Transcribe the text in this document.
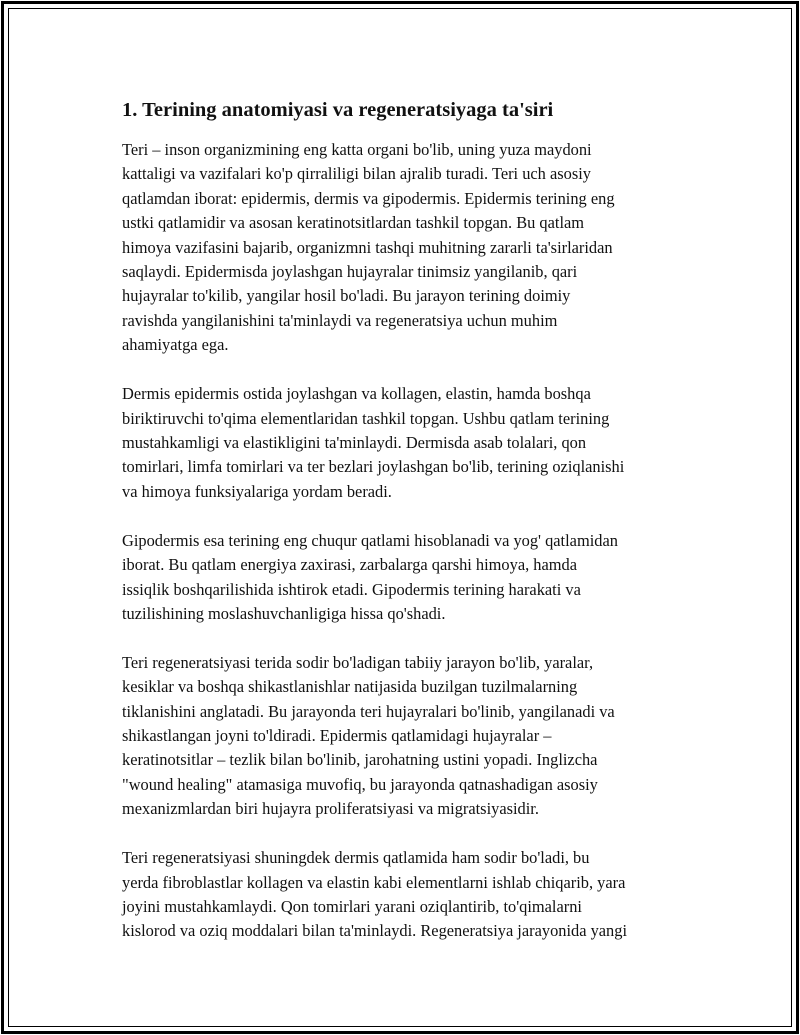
1. Terining anatomiyasi va regeneratsiyaga ta'siri

Teri – inson organizmining eng katta organi bo'lib, uning yuza maydoni
kattaligi va vazifalari ko'p qirraliligi bilan ajralib turadi. Teri uch asosiy
qatlamdan iborat: epidermis, dermis va gipodermis. Epidermis terining eng
ustki qatlamidir va asosan keratinotsitlardan tashkil topgan. Bu qatlam
himoya vazifasini bajarib, organizmni tashqi muhitning zararli ta'sirlaridan
saqlaydi. Epidermisda joylashgan hujayralar tinimsiz yangilanib, qari
hujayralar to'kilib, yangilar hosil bo'ladi. Bu jarayon terining doimiy
ravishda yangilanishini ta'minlaydi va regeneratsiya uchun muhim
ahamiyatga ega.

Dermis epidermis ostida joylashgan va kollagen, elastin, hamda boshqa
biriktiruvchi to'qima elementlaridan tashkil topgan. Ushbu qatlam terining
mustahkamligi va elastikligini ta'minlaydi. Dermisda asab tolalari, qon
tomirlari, limfa tomirlari va ter bezlari joylashgan bo'lib, terining oziqlanishi
va himoya funksiyalariga yordam beradi.

Gipodermis esa terining eng chuqur qatlami hisoblanadi va yog' qatlamidan
iborat. Bu qatlam energiya zaxirasi, zarbalarga qarshi himoya, hamda
issiqlik boshqarilishida ishtirok etadi. Gipodermis terining harakati va
tuzilishining moslashuvchanligiga hissa qo'shadi.

Teri regeneratsiyasi terida sodir bo'ladigan tabiiy jarayon bo'lib, yaralar,
kesiklar va boshqa shikastlanishlar natijasida buzilgan tuzilmalarning
tiklanishini anglatadi. Bu jarayonda teri hujayralari bo'linib, yangilanadi va
shikastlangan joyni to'ldiradi. Epidermis qatlamidagi hujayralar –
keratinotsitlar – tezlik bilan bo'linib, jarohatning ustini yopadi. Inglizcha
"wound healing" atamasiga muvofiq, bu jarayonda qatnashadigan asosiy
mexanizmlardan biri hujayra proliferatsiyasi va migratsiyasidir.

Teri regeneratsiyasi shuningdek dermis qatlamida ham sodir bo'ladi, bu
yerda fibroblastlar kollagen va elastin kabi elementlarni ishlab chiqarib, yara
joyini mustahkamlaydi. Qon tomirlari yarani oziqlantirib, to'qimalarni
kislorod va oziq moddalari bilan ta'minlaydi. Regeneratsiya jarayonida yangi
